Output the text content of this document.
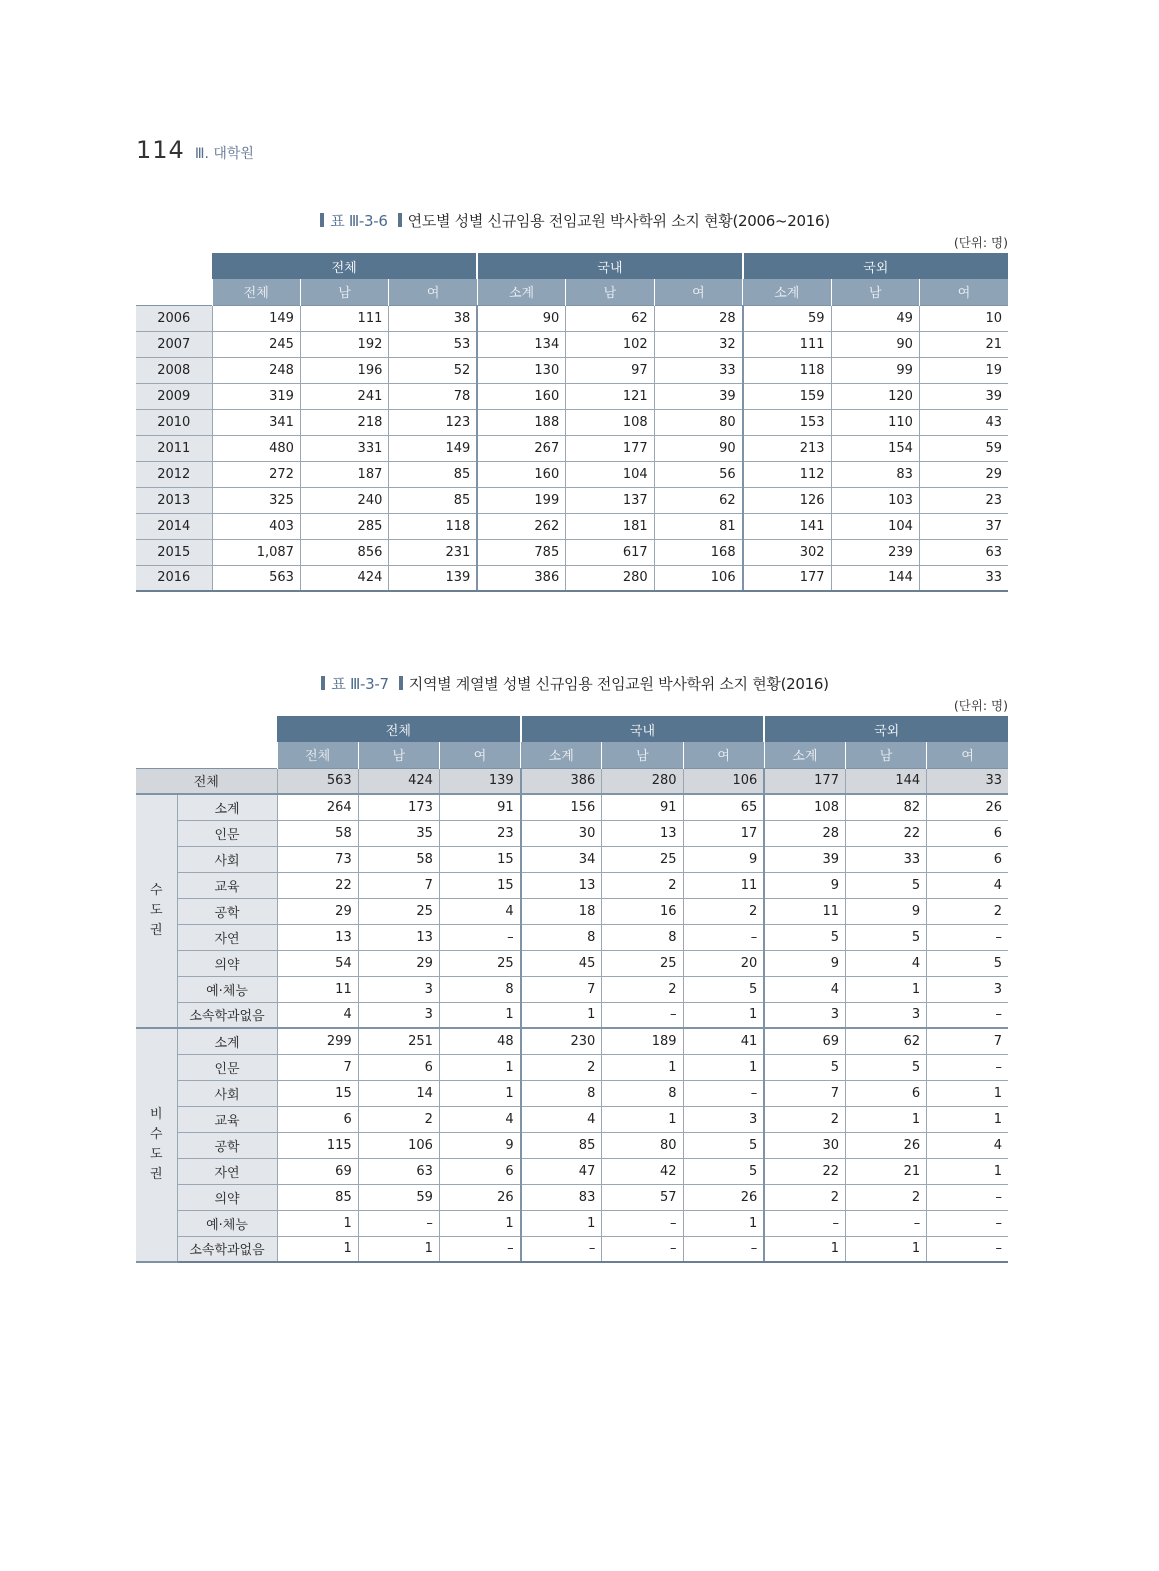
114 Ⅲ. 대학원
표 Ⅲ-3-6 연도별 성별 신규임용 전임교원 박사학위 소지 현황(2006~2016)
(단위: 명)
	전체			국내			국외		
	전체	남	여	소계	남	여	소계	남	여
2006	149	111	38	90	62	28	59	49	10
2007	245	192	53	134	102	32	111	90	21
2008	248	196	52	130	97	33	118	99	19
2009	319	241	78	160	121	39	159	120	39
2010	341	218	123	188	108	80	153	110	43
2011	480	331	149	267	177	90	213	154	59
2012	272	187	85	160	104	56	112	83	29
2013	325	240	85	199	137	62	126	103	23
2014	403	285	118	262	181	81	141	104	37
2015	1,087	856	231	785	617	168	302	239	63
2016	563	424	139	386	280	106	177	144	33
표 Ⅲ-3-7 지역별 계열별 성별 신규임용 전임교원 박사학위 소지 현황(2016)
(단위: 명)
		전체			국내			국외		
		전체	남	여	소계	남	여	소계	남	여
전체		563	424	139	386	280	106	177	144	33
수 도 권	소계	264	173	91	156	91	65	108	82	26
	인문	58	35	23	30	13	17	28	22	6
	사회	73	58	15	34	25	9	39	33	6
	교육	22	7	15	13	2	11	9	5	4
	공학	29	25	4	18	16	2	11	9	2
	자연	13	13	–	8	8	–	5	5	–
	의약	54	29	25	45	25	20	9	4	5
	예·체능	11	3	8	7	2	5	4	1	3
	소속학과없음	4	3	1	1	–	1	3	3	–
비 수 도 권	소계	299	251	48	230	189	41	69	62	7
	인문	7	6	1	2	1	1	5	5	–
	사회	15	14	1	8	8	–	7	6	1
	교육	6	2	4	4	1	3	2	1	1
	공학	115	106	9	85	80	5	30	26	4
	자연	69	63	6	47	42	5	22	21	1
	의약	85	59	26	83	57	26	2	2	–
	예·체능	1	–	1	1	–	1	–	–	–
	소속학과없음	1	1	–	–	–	–	1	1	–
